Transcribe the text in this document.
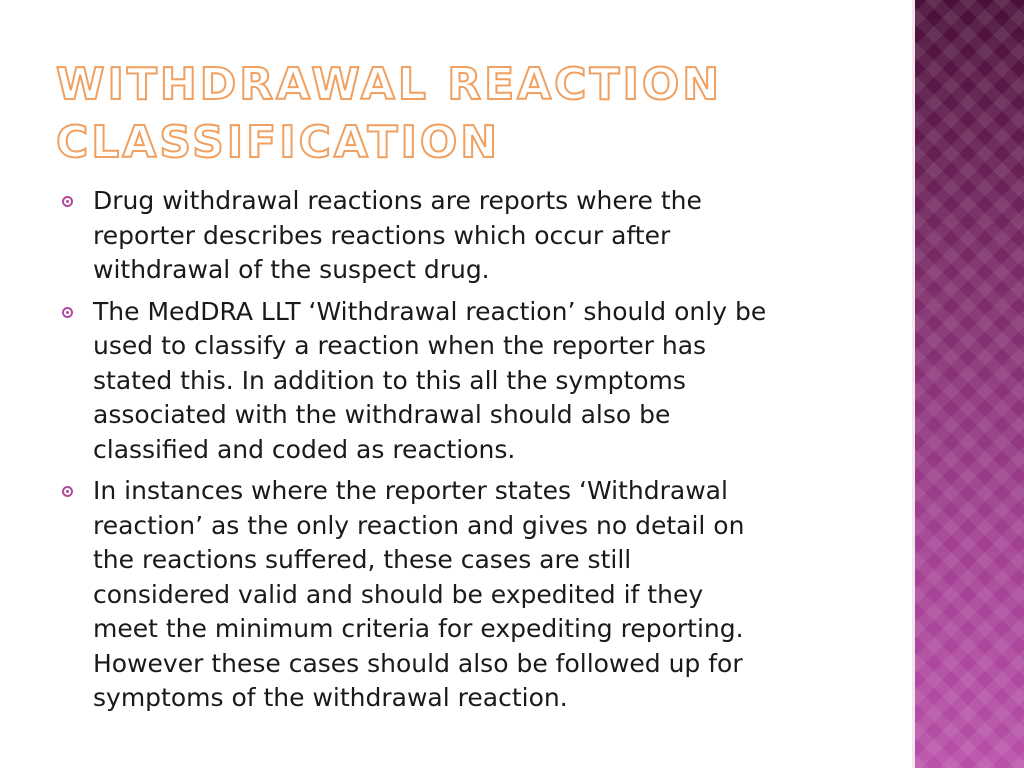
WITHDRAWAL REACTION
CLASSIFICATION
Drug withdrawal reactions are reports where the
reporter describes reactions which occur after
withdrawal of the suspect drug.
The MedDRA LLT ‘Withdrawal reaction’ should only be
used to classify a reaction when the reporter has
stated this. In addition to this all the symptoms
associated with the withdrawal should also be
classified and coded as reactions.
In instances where the reporter states ‘Withdrawal
reaction’ as the only reaction and gives no detail on
the reactions suffered, these cases are still
considered valid and should be expedited if they
meet the minimum criteria for expediting reporting.
However these cases should also be followed up for
symptoms of the withdrawal reaction.
